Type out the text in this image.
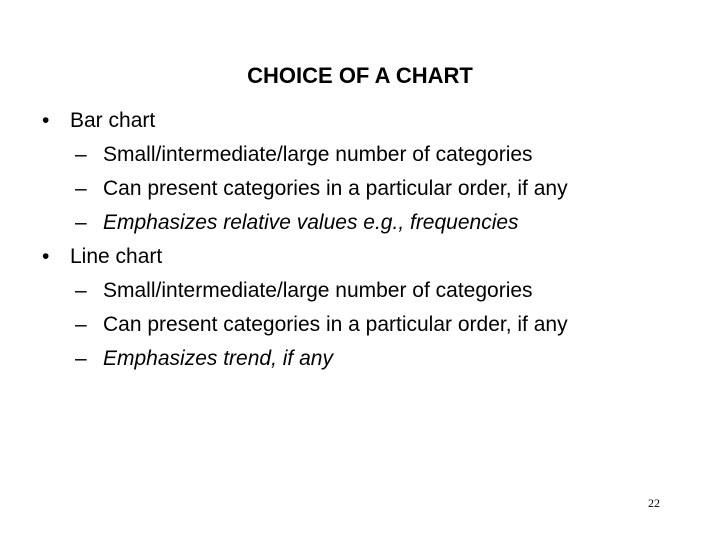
CHOICE OF A CHART
• Bar chart
– Small/intermediate/large number of categories
– Can present categories in a particular order, if any
– Emphasizes relative values e.g., frequencies
• Line chart
– Small/intermediate/large number of categories
– Can present categories in a particular order, if any
– Emphasizes trend, if any
22
